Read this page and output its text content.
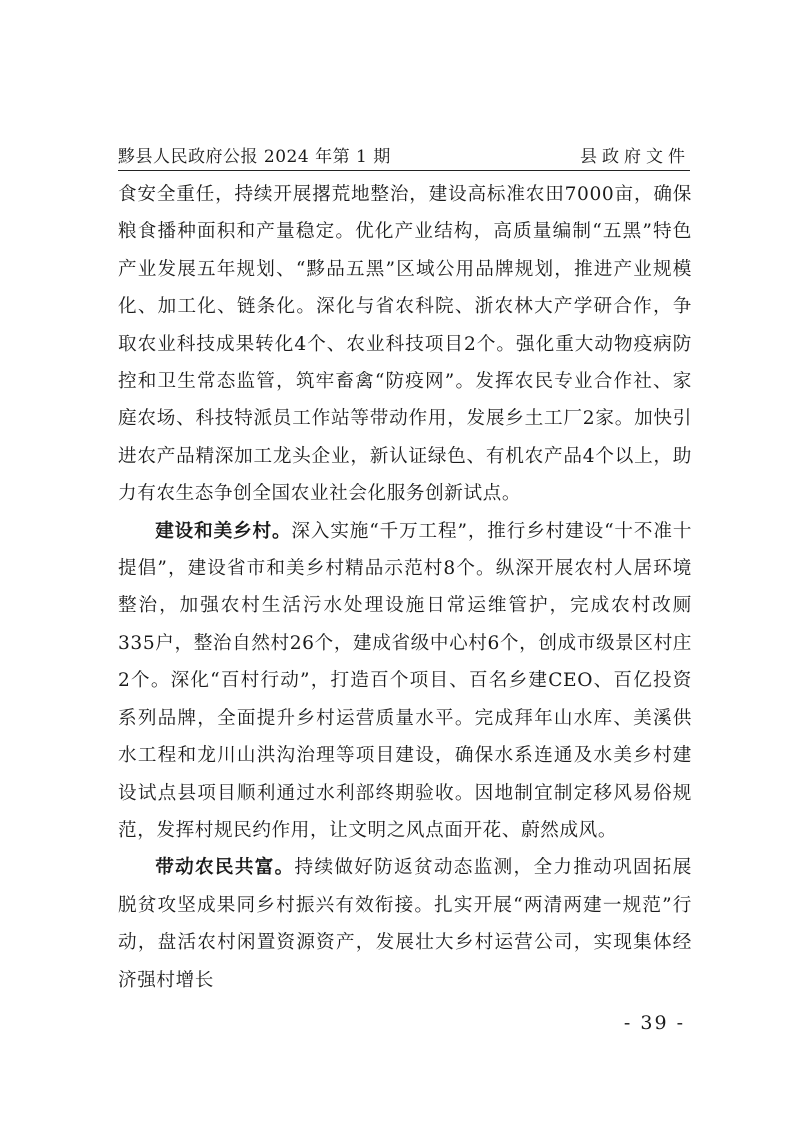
黟县人民政府公报 2024 年第 1 期	县政府文件

食安全重任，持续开展撂荒地整治，建设高标准农田7000亩，确保粮食播种面积和产量稳定。优化产业结构，高质量编制“五黑”特色产业发展五年规划、“黟品五黑”区域公用品牌规划，推进产业规模化、加工化、链条化。深化与省农科院、浙农林大产学研合作，争取农业科技成果转化4个、农业科技项目2个。强化重大动物疫病防控和卫生常态监管，筑牢畜禽“防疫网”。发挥农民专业合作社、家庭农场、科技特派员工作站等带动作用，发展乡土工厂2家。加快引进农产品精深加工龙头企业，新认证绿色、有机农产品4个以上，助力有农生态争创全国农业社会化服务创新试点。

建设和美乡村。深入实施“千万工程”，推行乡村建设“十不准十提倡”，建设省市和美乡村精品示范村8个。纵深开展农村人居环境整治，加强农村生活污水处理设施日常运维管护，完成农村改厕335户，整治自然村26个，建成省级中心村6个，创成市级景区村庄2个。深化“百村行动”，打造百个项目、百名乡建CEO、百亿投资系列品牌，全面提升乡村运营质量水平。完成拜年山水库、美溪供水工程和龙川山洪沟治理等项目建设，确保水系连通及水美乡村建设试点县项目顺利通过水利部终期验收。因地制宜制定移风易俗规范，发挥村规民约作用，让文明之风点面开花、蔚然成风。

带动农民共富。持续做好防返贫动态监测，全力推动巩固拓展脱贫攻坚成果同乡村振兴有效衔接。扎实开展“两清两建一规范”行动，盘活农村闲置资源资产，发展壮大乡村运营公司，实现集体经济强村增长

- 39 -
